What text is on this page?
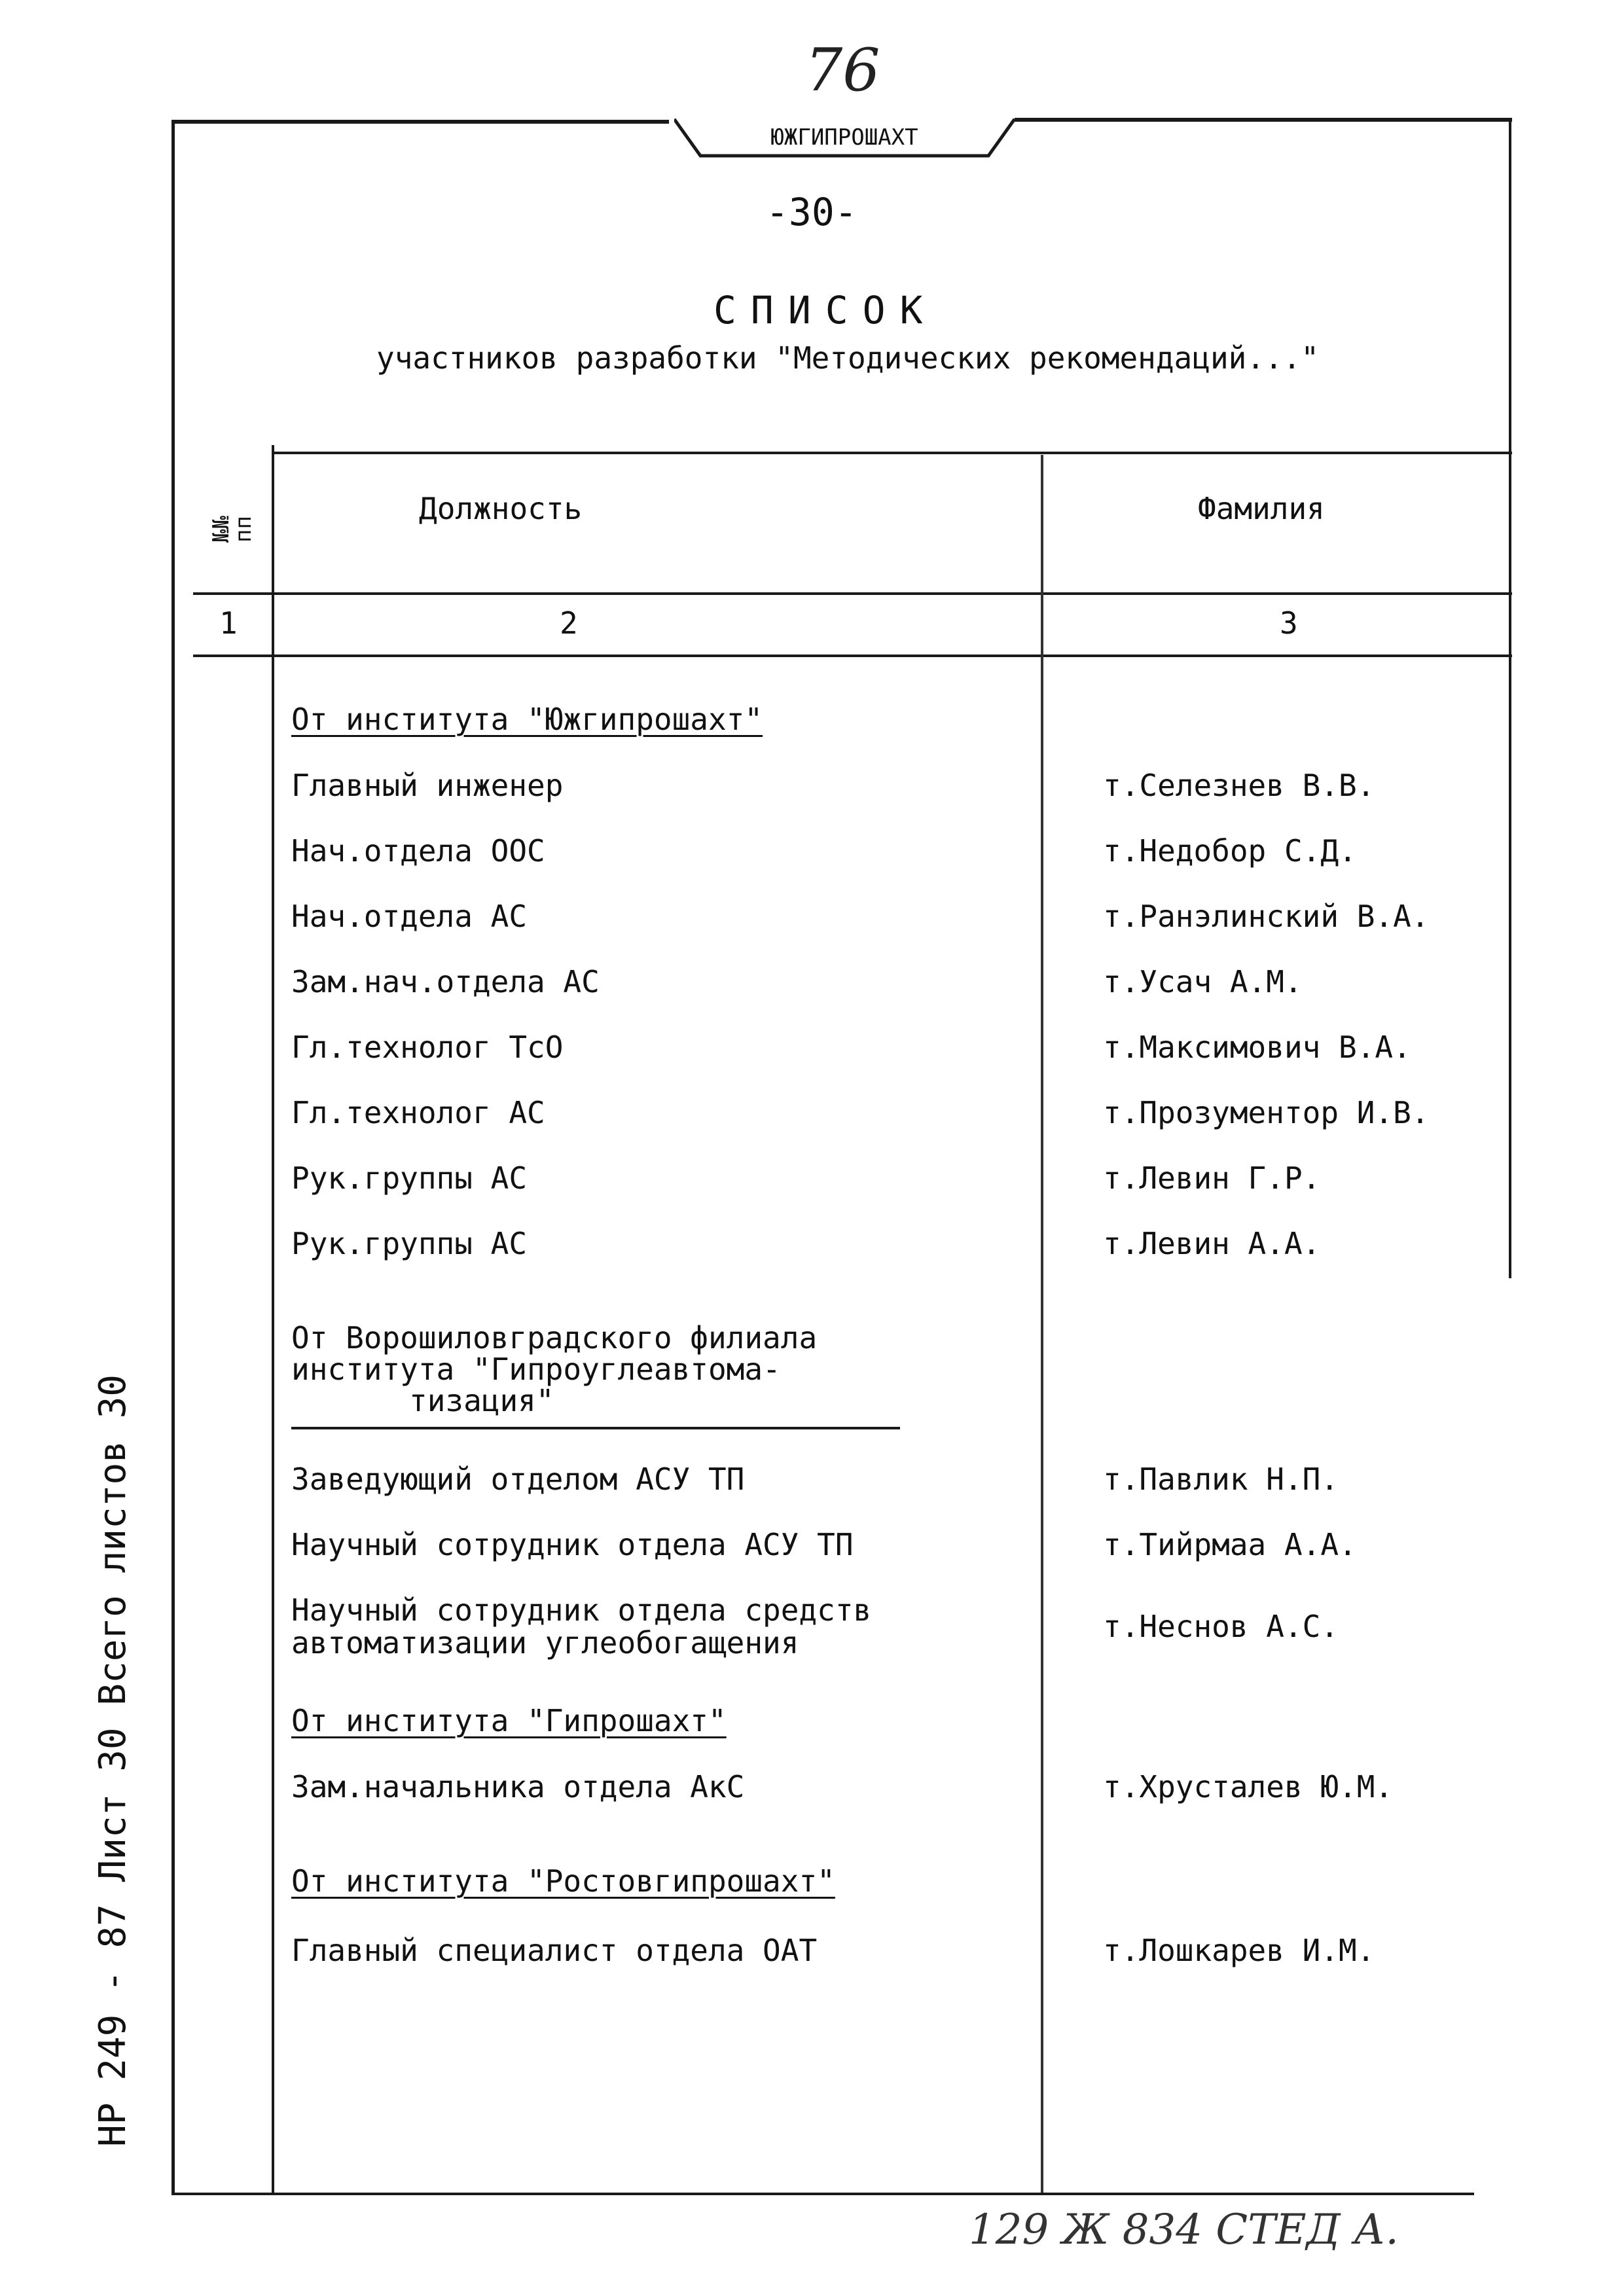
76
ЮЖГИПРОШАХТ
-30-
СПИСОК
участников разработки "Методических рекомендаций..."
№№ пп
Должность	Фамилия
1	2	3
От института "Южгипрошахт"
Главный инженер	т.Селезнев В.В.
Нач.отдела ООС	т.Недобор С.Д.
Нач.отдела АС	т.Ранэлинский В.А.
Зам.нач.отдела АС	т.Усач А.М.
Гл.технолог ТсО	т.Максимович В.А.
Гл.технолог АС	т.Прозументор И.В.
Рук.группы АС	т.Левин Г.Р.
Рук.группы АС	т.Левин А.А.
От Ворошиловградского филиала
института "Гипроуглеавтома-
тизация"
Заведующий отделом АСУ ТП	т.Павлик Н.П.
Научный сотрудник отдела АСУ ТП	т.Тийрмаа А.А.
Научный сотрудник отдела средств
автоматизации углеобогащения	т.Неснов А.С.
От института "Гипрошахт"
Зам.начальника отдела АкС	т.Хрусталев Ю.М.
От института "Ростовгипрошахт"
Главный специалист отдела ОАТ	т.Лошкарев И.М.
НР 249 - 87 Лист 30 Всего листов 30
129 Ж 834 СТЕД А.
